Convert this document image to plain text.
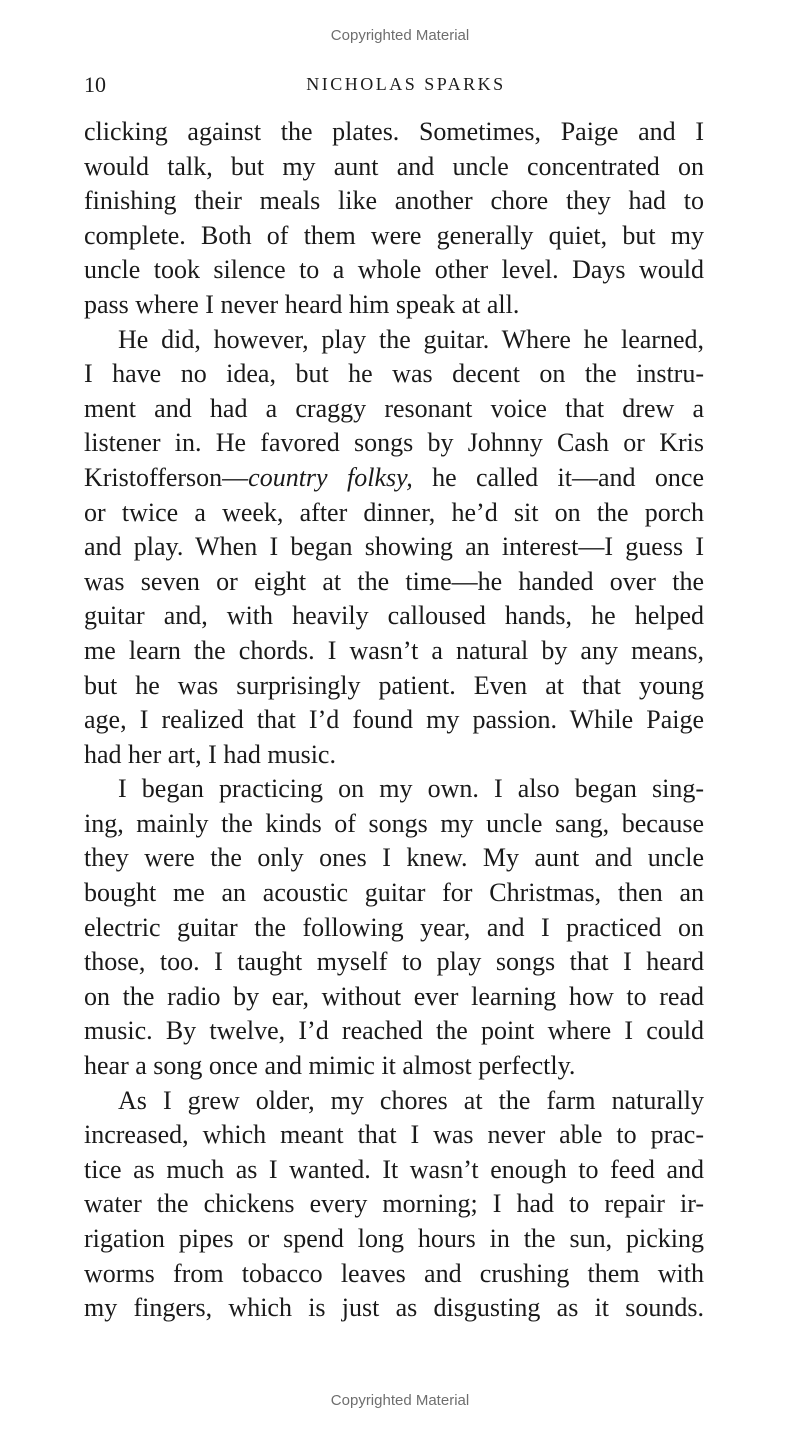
Copyrighted Material
10	NICHOLAS SPARKS
clicking against the plates. Sometimes, Paige and I
would talk, but my aunt and uncle concentrated on
finishing their meals like another chore they had to
complete. Both of them were generally quiet, but my
uncle took silence to a whole other level. Days would
pass where I never heard him speak at all.
He did, however, play the guitar. Where he learned,
I have no idea, but he was decent on the instru-
ment and had a craggy resonant voice that drew a
listener in. He favored songs by Johnny Cash or Kris
Kristofferson—country folksy, he called it—and once
or twice a week, after dinner, he’d sit on the porch
and play. When I began showing an interest—I guess I
was seven or eight at the time—he handed over the
guitar and, with heavily calloused hands, he helped
me learn the chords. I wasn’t a natural by any means,
but he was surprisingly patient. Even at that young
age, I realized that I’d found my passion. While Paige
had her art, I had music.
I began practicing on my own. I also began sing-
ing, mainly the kinds of songs my uncle sang, because
they were the only ones I knew. My aunt and uncle
bought me an acoustic guitar for Christmas, then an
electric guitar the following year, and I practiced on
those, too. I taught myself to play songs that I heard
on the radio by ear, without ever learning how to read
music. By twelve, I’d reached the point where I could
hear a song once and mimic it almost perfectly.
As I grew older, my chores at the farm naturally
increased, which meant that I was never able to prac-
tice as much as I wanted. It wasn’t enough to feed and
water the chickens every morning; I had to repair ir-
rigation pipes or spend long hours in the sun, picking
worms from tobacco leaves and crushing them with
my fingers, which is just as disgusting as it sounds.
Copyrighted Material
